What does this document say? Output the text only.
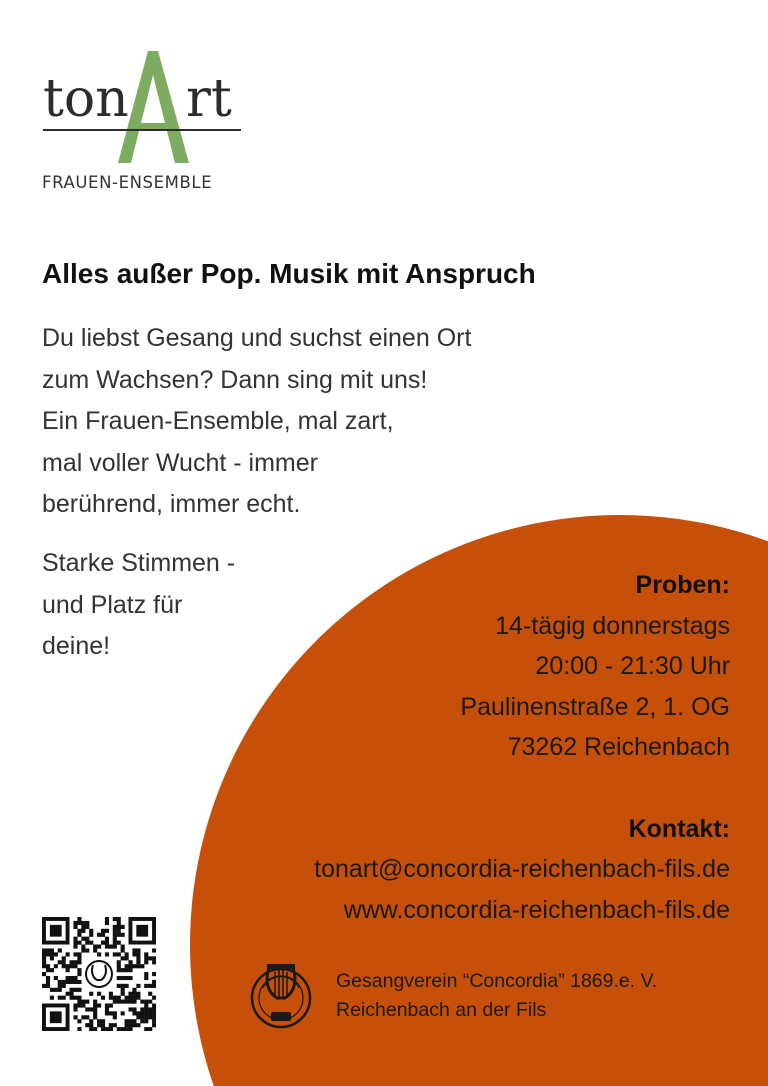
ton rt
FRAUEN-ENSEMBLE
Alles außer Pop. Musik mit Anspruch
Du liebst Gesang und suchst einen Ort
zum Wachsen? Dann sing mit uns!
Ein Frauen-Ensemble, mal zart,
mal voller Wucht - immer
berührend, immer echt.
Starke Stimmen -
und Platz für
deine!
Proben:
14-tägig donnerstags
20:00 - 21:30 Uhr
Paulinenstraße 2, 1. OG
73262 Reichenbach
Kontakt:
tonart@concordia-reichenbach-fils.de
www.concordia-reichenbach-fils.de
Gesangverein “Concordia” 1869.e. V.
Reichenbach an der Fils
